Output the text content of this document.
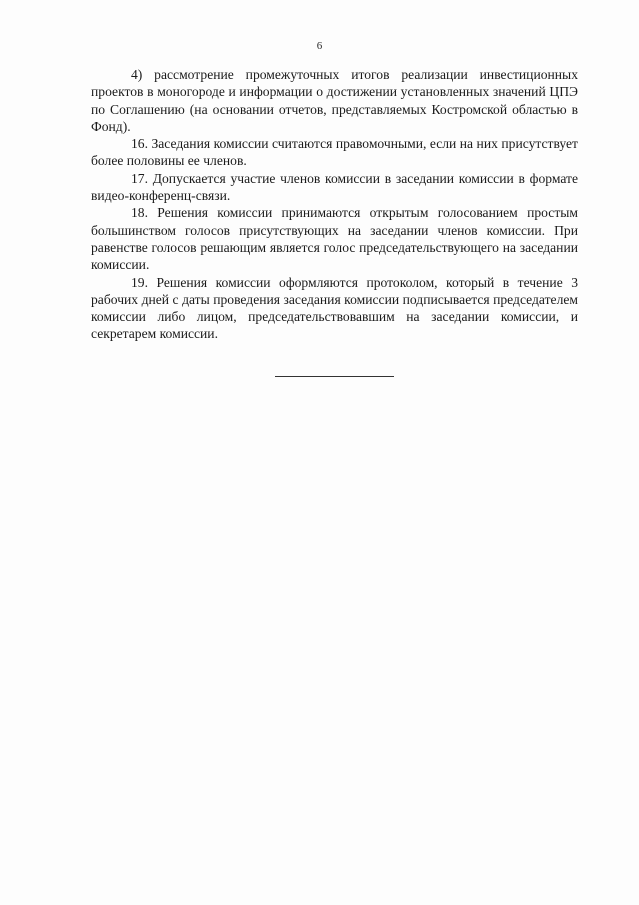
6

4) рассмотрение промежуточных итогов реализации инвестиционных проектов в моногороде и информации о достижении установленных значений ЦПЭ по Соглашению (на основании отчетов, представляемых Костромской областью в Фонд).

16. Заседания комиссии считаются правомочными, если на них присутствует более половины ее членов.

17. Допускается участие членов комиссии в заседании комиссии в формате видео-конференц-связи.

18. Решения комиссии принимаются открытым голосованием простым большинством голосов присутствующих на заседании членов комиссии. При равенстве голосов решающим является голос председательствующего на заседании комиссии.

19. Решения комиссии оформляются протоколом, который в течение 3 рабочих дней с даты проведения заседания комиссии подписывается председателем комиссии либо лицом, председательствовавшим на заседании комиссии, и секретарем комиссии.
